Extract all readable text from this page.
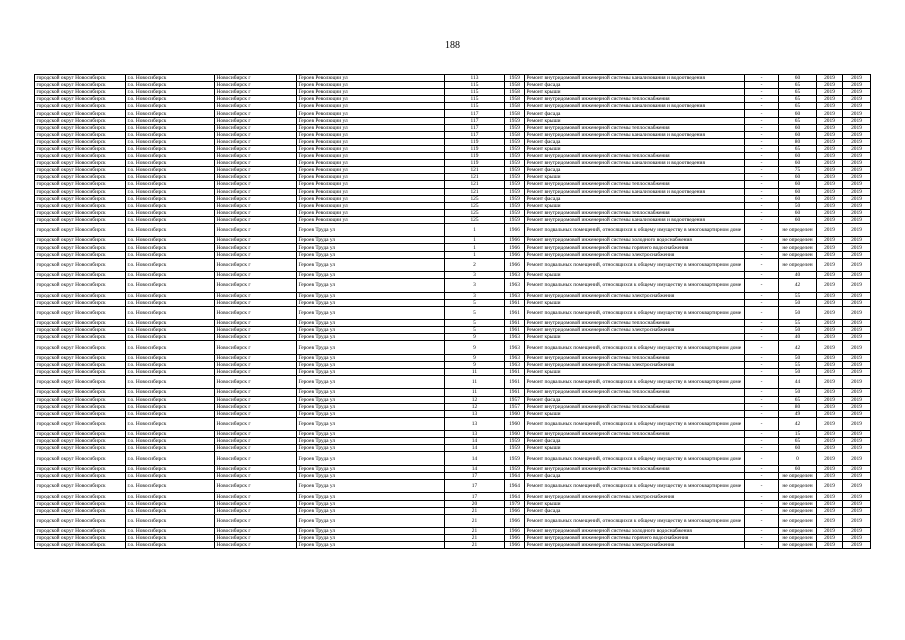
188
городской округ Новосибирск	г.о. Новосибирск	Новосибирск г	Героев Революции ул	113	1959	Ремонт внутридомовой инженерной системы канализования и водоотведения	-	60	2019	2019
городской округ Новосибирск	г.о. Новосибирск	Новосибирск г	Героев Революции ул	115	1958	Ремонт фасада	-	65	2019	2019
городской округ Новосибирск	г.о. Новосибирск	Новосибирск г	Героев Революции ул	115	1958	Ремонт крыши	-	65	2019	2019
городской округ Новосибирск	г.о. Новосибирск	Новосибирск г	Героев Революции ул	115	1958	Ремонт внутридомовой инженерной системы теплоснабжения	-	65	2019	2019
городской округ Новосибирск	г.о. Новосибирск	Новосибирск г	Героев Революции ул	115	1958	Ремонт внутридомовой инженерной системы канализования и водоотведения	-	65	2019	2019
городской округ Новосибирск	г.о. Новосибирск	Новосибирск г	Героев Революции ул	117	1958	Ремонт фасада	-	60	2019	2019
городской округ Новосибирск	г.о. Новосибирск	Новосибирск г	Героев Революции ул	117	1959	Ремонт крыши	-	65	2019	2019
городской округ Новосибирск	г.о. Новосибирск	Новосибирск г	Героев Революции ул	117	1959	Ремонт внутридомовой инженерной системы теплоснабжения	-	60	2019	2019
городской округ Новосибирск	г.о. Новосибирск	Новосибирск г	Героев Революции ул	117	1958	Ремонт внутридомовой инженерной системы канализования и водоотведения	-	60	2019	2019
городской округ Новосибирск	г.о. Новосибирск	Новосибирск г	Героев Революции ул	119	1959	Ремонт фасада	-	80	2019	2019
городской округ Новосибирск	г.о. Новосибирск	Новосибирск г	Героев Революции ул	119	1959	Ремонт крыши	-	65	2019	2019
городской округ Новосибирск	г.о. Новосибирск	Новосибирск г	Героев Революции ул	119	1959	Ремонт внутридомовой инженерной системы теплоснабжения	-	60	2019	2019
городской округ Новосибирск	г.о. Новосибирск	Новосибирск г	Героев Революции ул	119	1959	Ремонт внутридомовой инженерной системы канализования и водоотведения	-	60	2019	2019
городской округ Новосибирск	г.о. Новосибирск	Новосибирск г	Героев Революции ул	121	1959	Ремонт фасада	-	75	2019	2019
городской округ Новосибирск	г.о. Новосибирск	Новосибирск г	Героев Революции ул	121	1959	Ремонт крыши	-	60	2019	2019
городской округ Новосибирск	г.о. Новосибирск	Новосибирск г	Героев Революции ул	121	1959	Ремонт внутридомовой инженерной системы теплоснабжения	-	60	2019	2019
городской округ Новосибирск	г.о. Новосибирск	Новосибирск г	Героев Революции ул	121	1959	Ремонт внутридомовой инженерной системы канализования и водоотведения	-	60	2019	2019
городской округ Новосибирск	г.о. Новосибирск	Новосибирск г	Героев Революции ул	125	1959	Ремонт фасада	-	60	2019	2019
городской округ Новосибирск	г.о. Новосибирск	Новосибирск г	Героев Революции ул	125	1959	Ремонт крыши	-	50	2019	2019
городской округ Новосибирск	г.о. Новосибирск	Новосибирск г	Героев Революции ул	125	1959	Ремонт внутридомовой инженерной системы теплоснабжения	-	60	2019	2019
городской округ Новосибирск	г.о. Новосибирск	Новосибирск г	Героев Революции ул	125	1959	Ремонт внутридомовой инженерной системы канализования и водоотведения	-	60	2019	2019
городской округ Новосибирск	г.о. Новосибирск	Новосибирск г	Героев Труда ул	1	1966	Ремонт подвальных помещений, относящихся к общему имуществу в многоквартирном доме	-	не определен	2019	2019
городской округ Новосибирск	г.о. Новосибирск	Новосибирск г	Героев Труда ул	1	1966	Ремонт внутридомовой инженерной системы холодного водоснабжения	-	не определен	2019	2019
городской округ Новосибирск	г.о. Новосибирск	Новосибирск г	Героев Труда ул	1	1966	Ремонт внутридомовой инженерной системы горячего водоснабжения	-	не определен	2019	2019
городской округ Новосибирск	г.о. Новосибирск	Новосибирск г	Героев Труда ул	1	1966	Ремонт внутридомовой инженерной системы электроснабжения	-	не определен	2019	2019
городской округ Новосибирск	г.о. Новосибирск	Новосибирск г	Героев Труда ул	2	1966	Ремонт подвальных помещений, относящихся к общему имуществу в многоквартирном доме	-	не определен	2019	2019
городской округ Новосибирск	г.о. Новосибирск	Новосибирск г	Героев Труда ул	3	1963	Ремонт крыши	-	40	2019	2019
городской округ Новосибирск	г.о. Новосибирск	Новосибирск г	Героев Труда ул	3	1963	Ремонт подвальных помещений, относящихся к общему имуществу в многоквартирном доме	-	42	2019	2019
городской округ Новосибирск	г.о. Новосибирск	Новосибирск г	Героев Труда ул	3	1963	Ремонт внутридомовой инженерной системы электроснабжения	-	55	2019	2019
городской округ Новосибирск	г.о. Новосибирск	Новосибирск г	Героев Труда ул	5	1961	Ремонт крыши	-	50	2019	2019
городской округ Новосибирск	г.о. Новосибирск	Новосибирск г	Героев Труда ул	5	1961	Ремонт подвальных помещений, относящихся к общему имуществу в многоквартирном доме	-	50	2019	2019
городской округ Новосибирск	г.о. Новосибирск	Новосибирск г	Героев Труда ул	5	1961	Ремонт внутридомовой инженерной системы теплоснабжения	-	55	2019	2019
городской округ Новосибирск	г.о. Новосибирск	Новосибирск г	Героев Труда ул	5	1961	Ремонт внутридомовой инженерной системы электроснабжения	-	50	2019	2019
городской округ Новосибирск	г.о. Новосибирск	Новосибирск г	Героев Труда ул	9	1963	Ремонт крыши	-	40	2019	2019
городской округ Новосибирск	г.о. Новосибирск	Новосибирск г	Героев Труда ул	9	1963	Ремонт подвальных помещений, относящихся к общему имуществу в многоквартирном доме	-	42	2019	2019
городской округ Новосибирск	г.о. Новосибирск	Новосибирск г	Героев Труда ул	9	1963	Ремонт внутридомовой инженерной системы теплоснабжения	-	50	2019	2019
городской округ Новосибирск	г.о. Новосибирск	Новосибирск г	Героев Труда ул	9	1963	Ремонт внутридомовой инженерной системы электроснабжения	-	55	2019	2019
городской округ Новосибирск	г.о. Новосибирск	Новосибирск г	Героев Труда ул	11	1961	Ремонт крыши	-	50	2019	2019
городской округ Новосибирск	г.о. Новосибирск	Новосибирск г	Героев Труда ул	11	1961	Ремонт подвальных помещений, относящихся к общему имуществу в многоквартирном доме	-	44	2019	2019
городской округ Новосибирск	г.о. Новосибирск	Новосибирск г	Героев Труда ул	11	1961	Ремонт внутридомовой инженерной системы теплоснабжения	-	50	2019	2019
городской округ Новосибирск	г.о. Новосибирск	Новосибирск г	Героев Труда ул	12	1957	Ремонт фасада	-	65	2019	2019
городской округ Новосибирск	г.о. Новосибирск	Новосибирск г	Героев Труда ул	12	1957	Ремонт внутридомовой инженерной системы теплоснабжения	-	80	2019	2019
городской округ Новосибирск	г.о. Новосибирск	Новосибирск г	Героев Труда ул	13	1960	Ремонт крыши	-	49	2019	2019
городской округ Новосибирск	г.о. Новосибирск	Новосибирск г	Героев Труда ул	13	1960	Ремонт подвальных помещений, относящихся к общему имуществу в многоквартирном доме	-	42	2019	2019
городской округ Новосибирск	г.о. Новосибирск	Новосибирск г	Героев Труда ул	13	1960	Ремонт внутридомовой инженерной системы теплоснабжения	-	15	2019	2019
городской округ Новосибирск	г.о. Новосибирск	Новосибирск г	Героев Труда ул	14	1959	Ремонт фасада	-	65	2019	2019
городской округ Новосибирск	г.о. Новосибирск	Новосибирск г	Героев Труда ул	14	1959	Ремонт крыши	-	60	2019	2019
городской округ Новосибирск	г.о. Новосибирск	Новосибирск г	Героев Труда ул	14	1959	Ремонт подвальных помещений, относящихся к общему имуществу в многоквартирном доме	-	0	2019	2019
городской округ Новосибирск	г.о. Новосибирск	Новосибирск г	Героев Труда ул	14	1959	Ремонт внутридомовой инженерной системы теплоснабжения	-	60	2019	2019
городской округ Новосибирск	г.о. Новосибирск	Новосибирск г	Героев Труда ул	17	1964	Ремонт фасада	-	не определен	2019	2019
городской округ Новосибирск	г.о. Новосибирск	Новосибирск г	Героев Труда ул	17	1964	Ремонт подвальных помещений, относящихся к общему имуществу в многоквартирном доме	-	не определен	2019	2019
городской округ Новосибирск	г.о. Новосибирск	Новосибирск г	Героев Труда ул	17	1964	Ремонт внутридомовой инженерной системы электроснабжения	-	не определен	2019	2019
городской округ Новосибирск	г.о. Новосибирск	Новосибирск г	Героев Труда ул	20	1979	Ремонт крыши	-	не определен	2019	2019
городской округ Новосибирск	г.о. Новосибирск	Новосибирск г	Героев Труда ул	21	1966	Ремонт фасада	-	не определен	2019	2019
городской округ Новосибирск	г.о. Новосибирск	Новосибирск г	Героев Труда ул	21	1966	Ремонт подвальных помещений, относящихся к общему имуществу в многоквартирном доме	-	не определен	2019	2019
городской округ Новосибирск	г.о. Новосибирск	Новосибирск г	Героев Труда ул	21	1966	Ремонт внутридомовой инженерной системы холодного водоснабжения	-	не определен	2019	2019
городской округ Новосибирск	г.о. Новосибирск	Новосибирск г	Героев Труда ул	21	1966	Ремонт внутридомовой инженерной системы горячего водоснабжения	-	не определен	2019	2019
городской округ Новосибирск	г.о. Новосибирск	Новосибирск г	Героев Труда ул	21	1966	Ремонт внутридомовой инженерной системы электроснабжения	-	не определен	2019	2019
